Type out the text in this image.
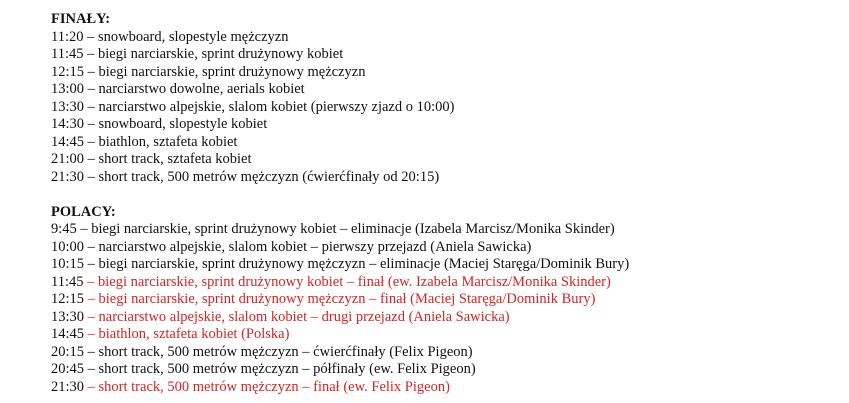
FINAŁY:
11:20 – snowboard, slopestyle mężczyzn
11:45 – biegi narciarskie, sprint drużynowy kobiet
12:15 – biegi narciarskie, sprint drużynowy mężczyzn
13:00 – narciarstwo dowolne, aerials kobiet
13:30 – narciarstwo alpejskie, slalom kobiet (pierwszy zjazd o 10:00)
14:30 – snowboard, slopestyle kobiet
14:45 – biathlon, sztafeta kobiet
21:00 – short track, sztafeta kobiet
21:30 – short track, 500 metrów mężczyzn (ćwierćfinały od 20:15)
POLACY:
9:45 – biegi narciarskie, sprint drużynowy kobiet – eliminacje (Izabela Marcisz/Monika Skinder)
10:00 – narciarstwo alpejskie, slalom kobiet – pierwszy przejazd (Aniela Sawicka)
10:15 – biegi narciarskie, sprint drużynowy mężczyzn – eliminacje (Maciej Staręga/Dominik Bury)
11:45 – biegi narciarskie, sprint drużynowy kobiet – finał (ew. Izabela Marcisz/Monika Skinder)
12:15 – biegi narciarskie, sprint drużynowy mężczyzn – finał (Maciej Staręga/Dominik Bury)
13:30 – narciarstwo alpejskie, slalom kobiet – drugi przejazd (Aniela Sawicka)
14:45 – biathlon, sztafeta kobiet (Polska)
20:15 – short track, 500 metrów mężczyzn – ćwierćfinały (Felix Pigeon)
20:45 – short track, 500 metrów mężczyzn – półfinały (ew. Felix Pigeon)
21:30 – short track, 500 metrów mężczyzn – finał (ew. Felix Pigeon)
